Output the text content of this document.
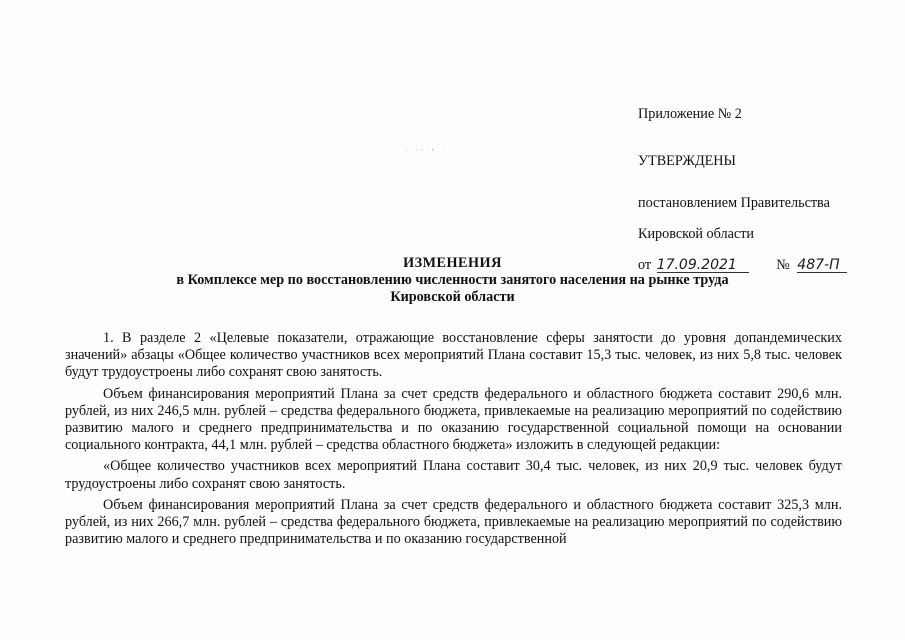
· ·ˢ·ᵉ ·

Приложение № 2

УТВЕРЖДЕНЫ

постановлением Правительства

Кировской области

от 17.09.2021	№ 487-П

ИЗМЕНЕНИЯ
в Комплексе мер по восстановлению численности занятого населения на рынке труда
Кировской области

1. В разделе 2 «Целевые показатели, отражающие восстановление сферы занятости до уровня допандемических значений» абзацы «Общее количество участников всех мероприятий Плана составит 15,3 тыс. человек, из них 5,8 тыс. человек будут трудоустроены либо сохранят свою занятость.

Объем финансирования мероприятий Плана за счет средств федерального и областного бюджета составит 290,6 млн. рублей, из них 246,5 млн. рублей – средства федерального бюджета, привлекаемые на реализацию мероприятий по содействию развитию малого и среднего предпринимательства и по оказанию государственной социальной помощи на основании социального контракта, 44,1 млн. рублей – средства областного бюджета» изложить в следующей редакции:

«Общее количество участников всех мероприятий Плана составит 30,4 тыс. человек, из них 20,9 тыс. человек будут трудоустроены либо сохранят свою занятость.

Объем финансирования мероприятий Плана за счет средств федерального и областного бюджета составит 325,3 млн. рублей, из них 266,7 млн. рублей – средства федерального бюджета, привлекаемые на реализацию мероприятий по содействию развитию малого и среднего предпринимательства и по оказанию государственной
